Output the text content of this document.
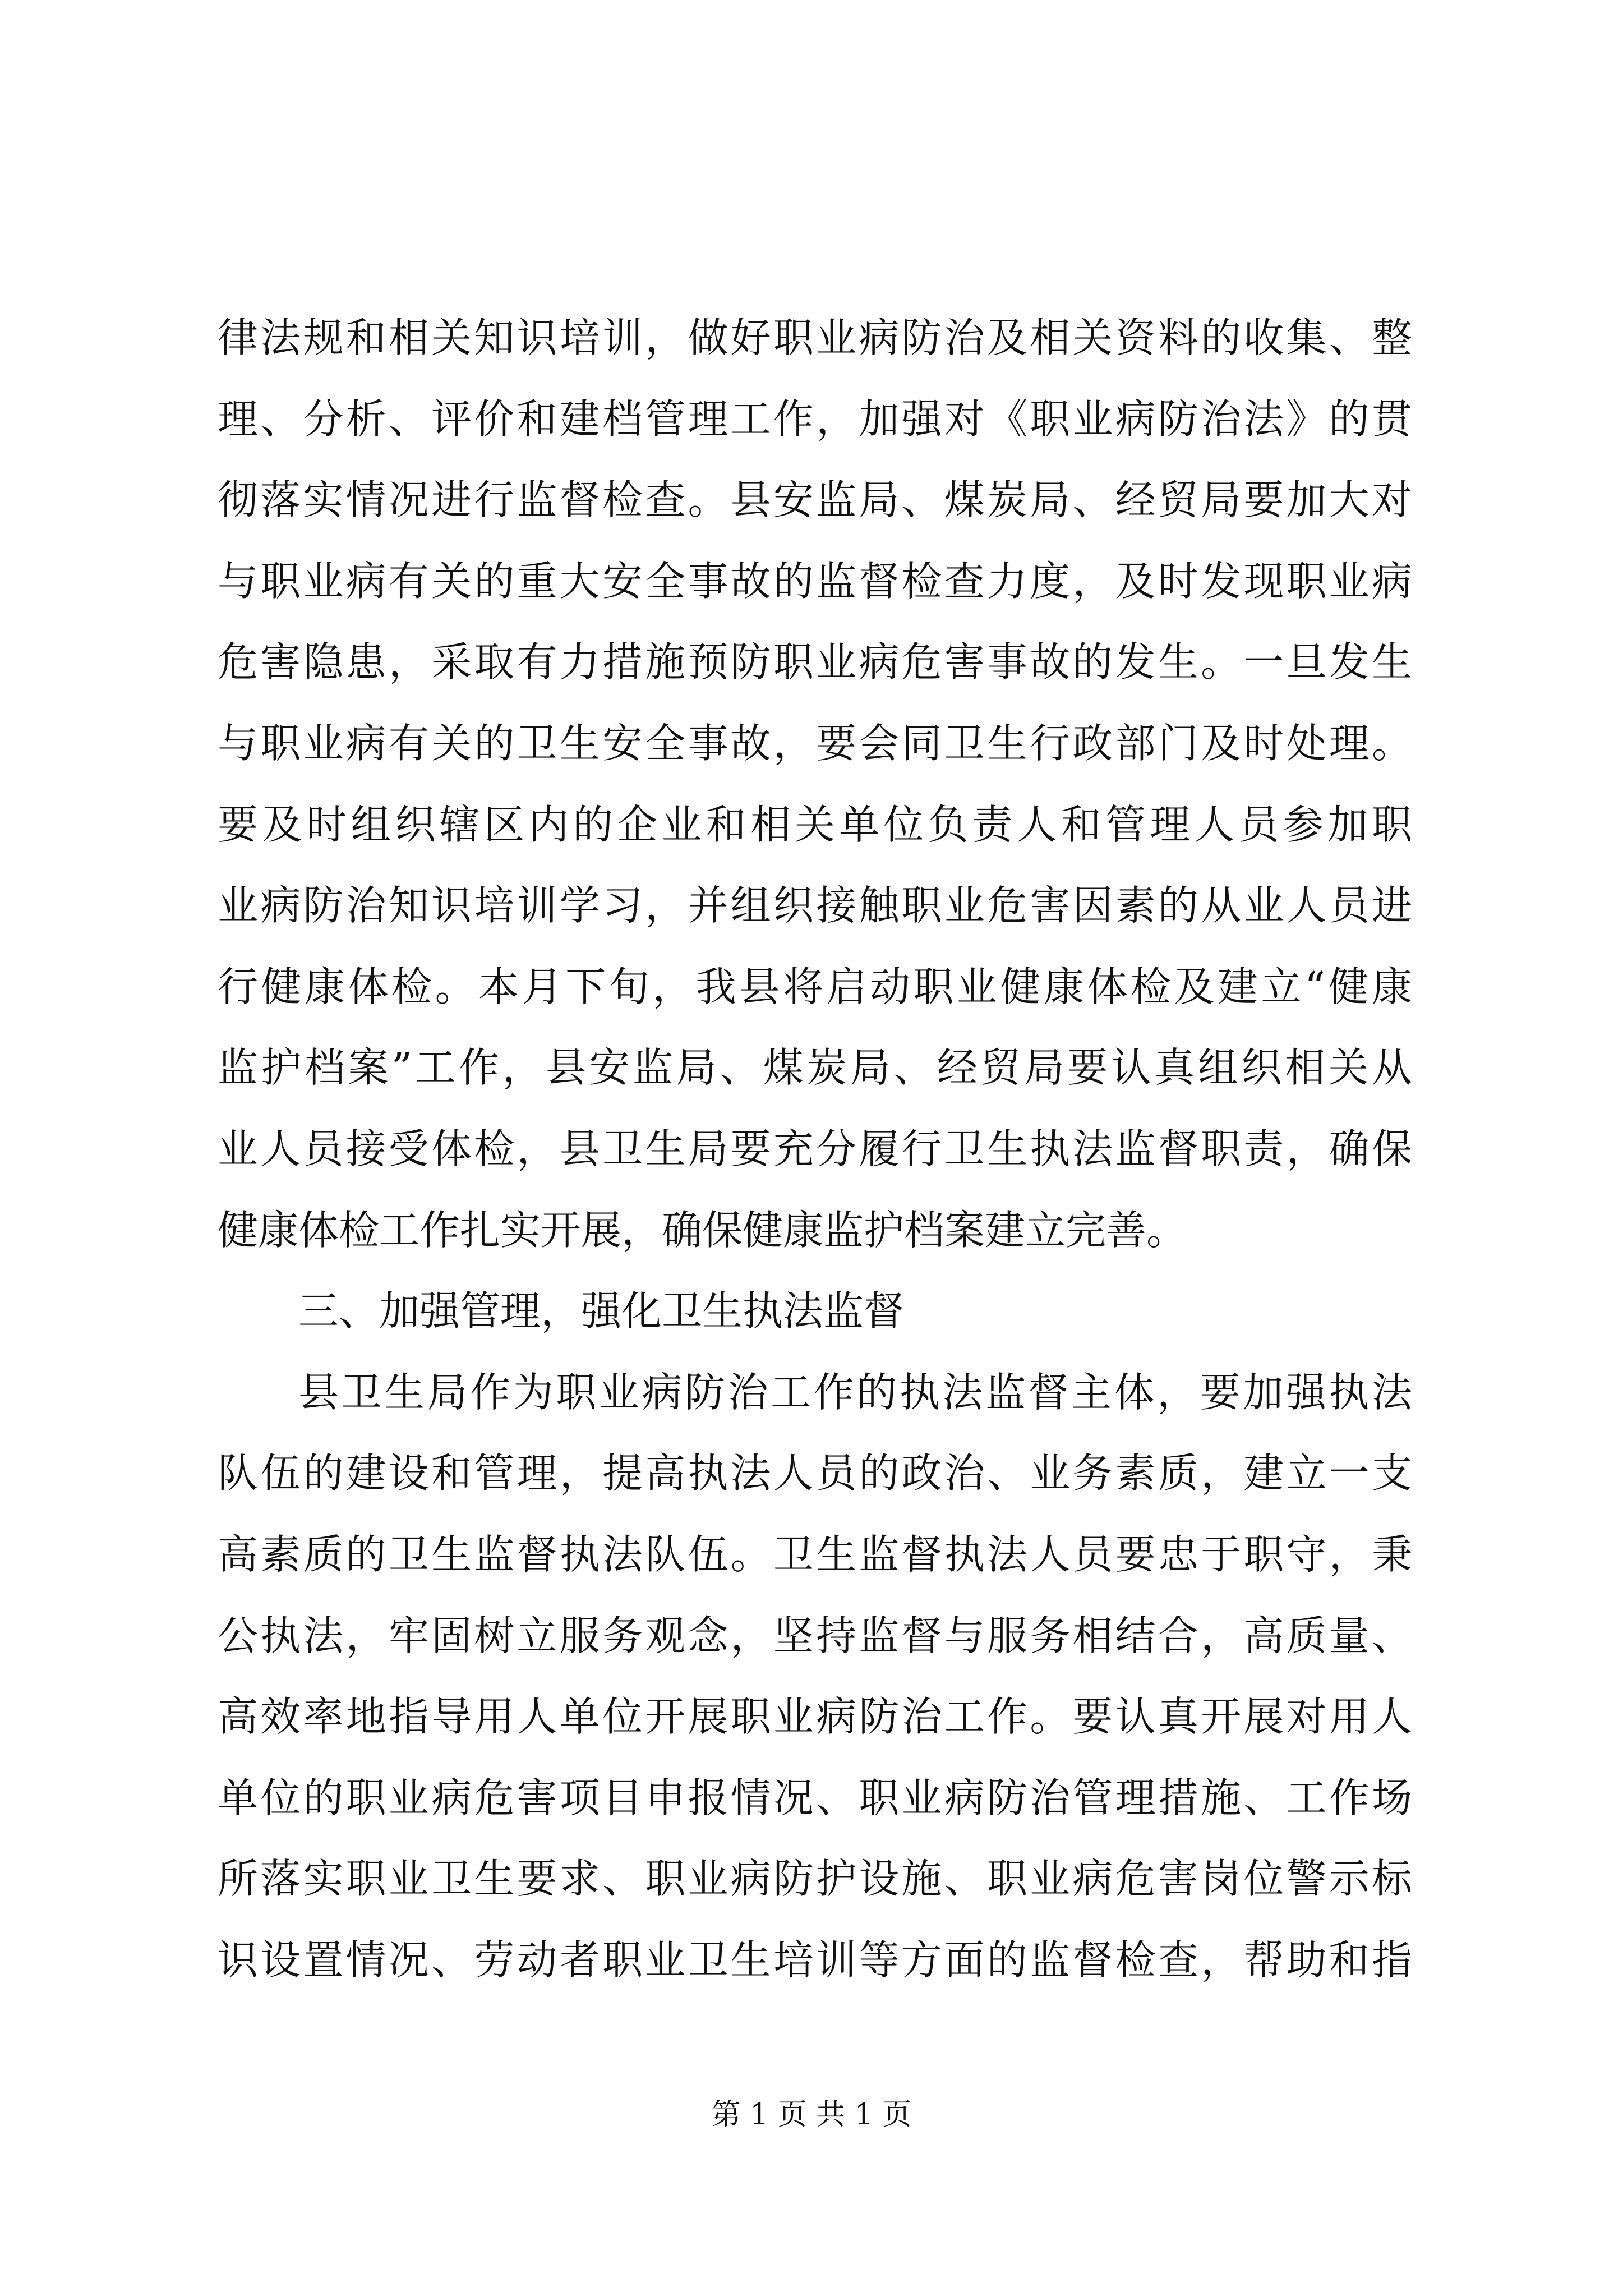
律法规和相关知识培训，做好职业病防治及相关资料的收集、整
理、分析、评价和建档管理工作，加强对《职业病防治法》的贯
彻落实情况进行监督检查。县安监局、煤炭局、经贸局要加大对
与职业病有关的重大安全事故的监督检查力度，及时发现职业病
危害隐患，采取有力措施预防职业病危害事故的发生。一旦发生
与职业病有关的卫生安全事故，要会同卫生行政部门及时处理。
要及时组织辖区内的企业和相关单位负责人和管理人员参加职
业病防治知识培训学习，并组织接触职业危害因素的从业人员进
行健康体检。本月下旬，我县将启动职业健康体检及建立“健康
监护档案”工作，县安监局、煤炭局、经贸局要认真组织相关从
业人员接受体检，县卫生局要充分履行卫生执法监督职责，确保
健康体检工作扎实开展，确保健康监护档案建立完善。
三、加强管理，强化卫生执法监督
县卫生局作为职业病防治工作的执法监督主体，要加强执法
队伍的建设和管理，提高执法人员的政治、业务素质，建立一支
高素质的卫生监督执法队伍。卫生监督执法人员要忠于职守，秉
公执法，牢固树立服务观念，坚持监督与服务相结合，高质量、
高效率地指导用人单位开展职业病防治工作。要认真开展对用人
单位的职业病危害项目申报情况、职业病防治管理措施、工作场
所落实职业卫生要求、职业病防护设施、职业病危害岗位警示标
识设置情况、劳动者职业卫生培训等方面的监督检查，帮助和指
第 1 页 共 1 页
